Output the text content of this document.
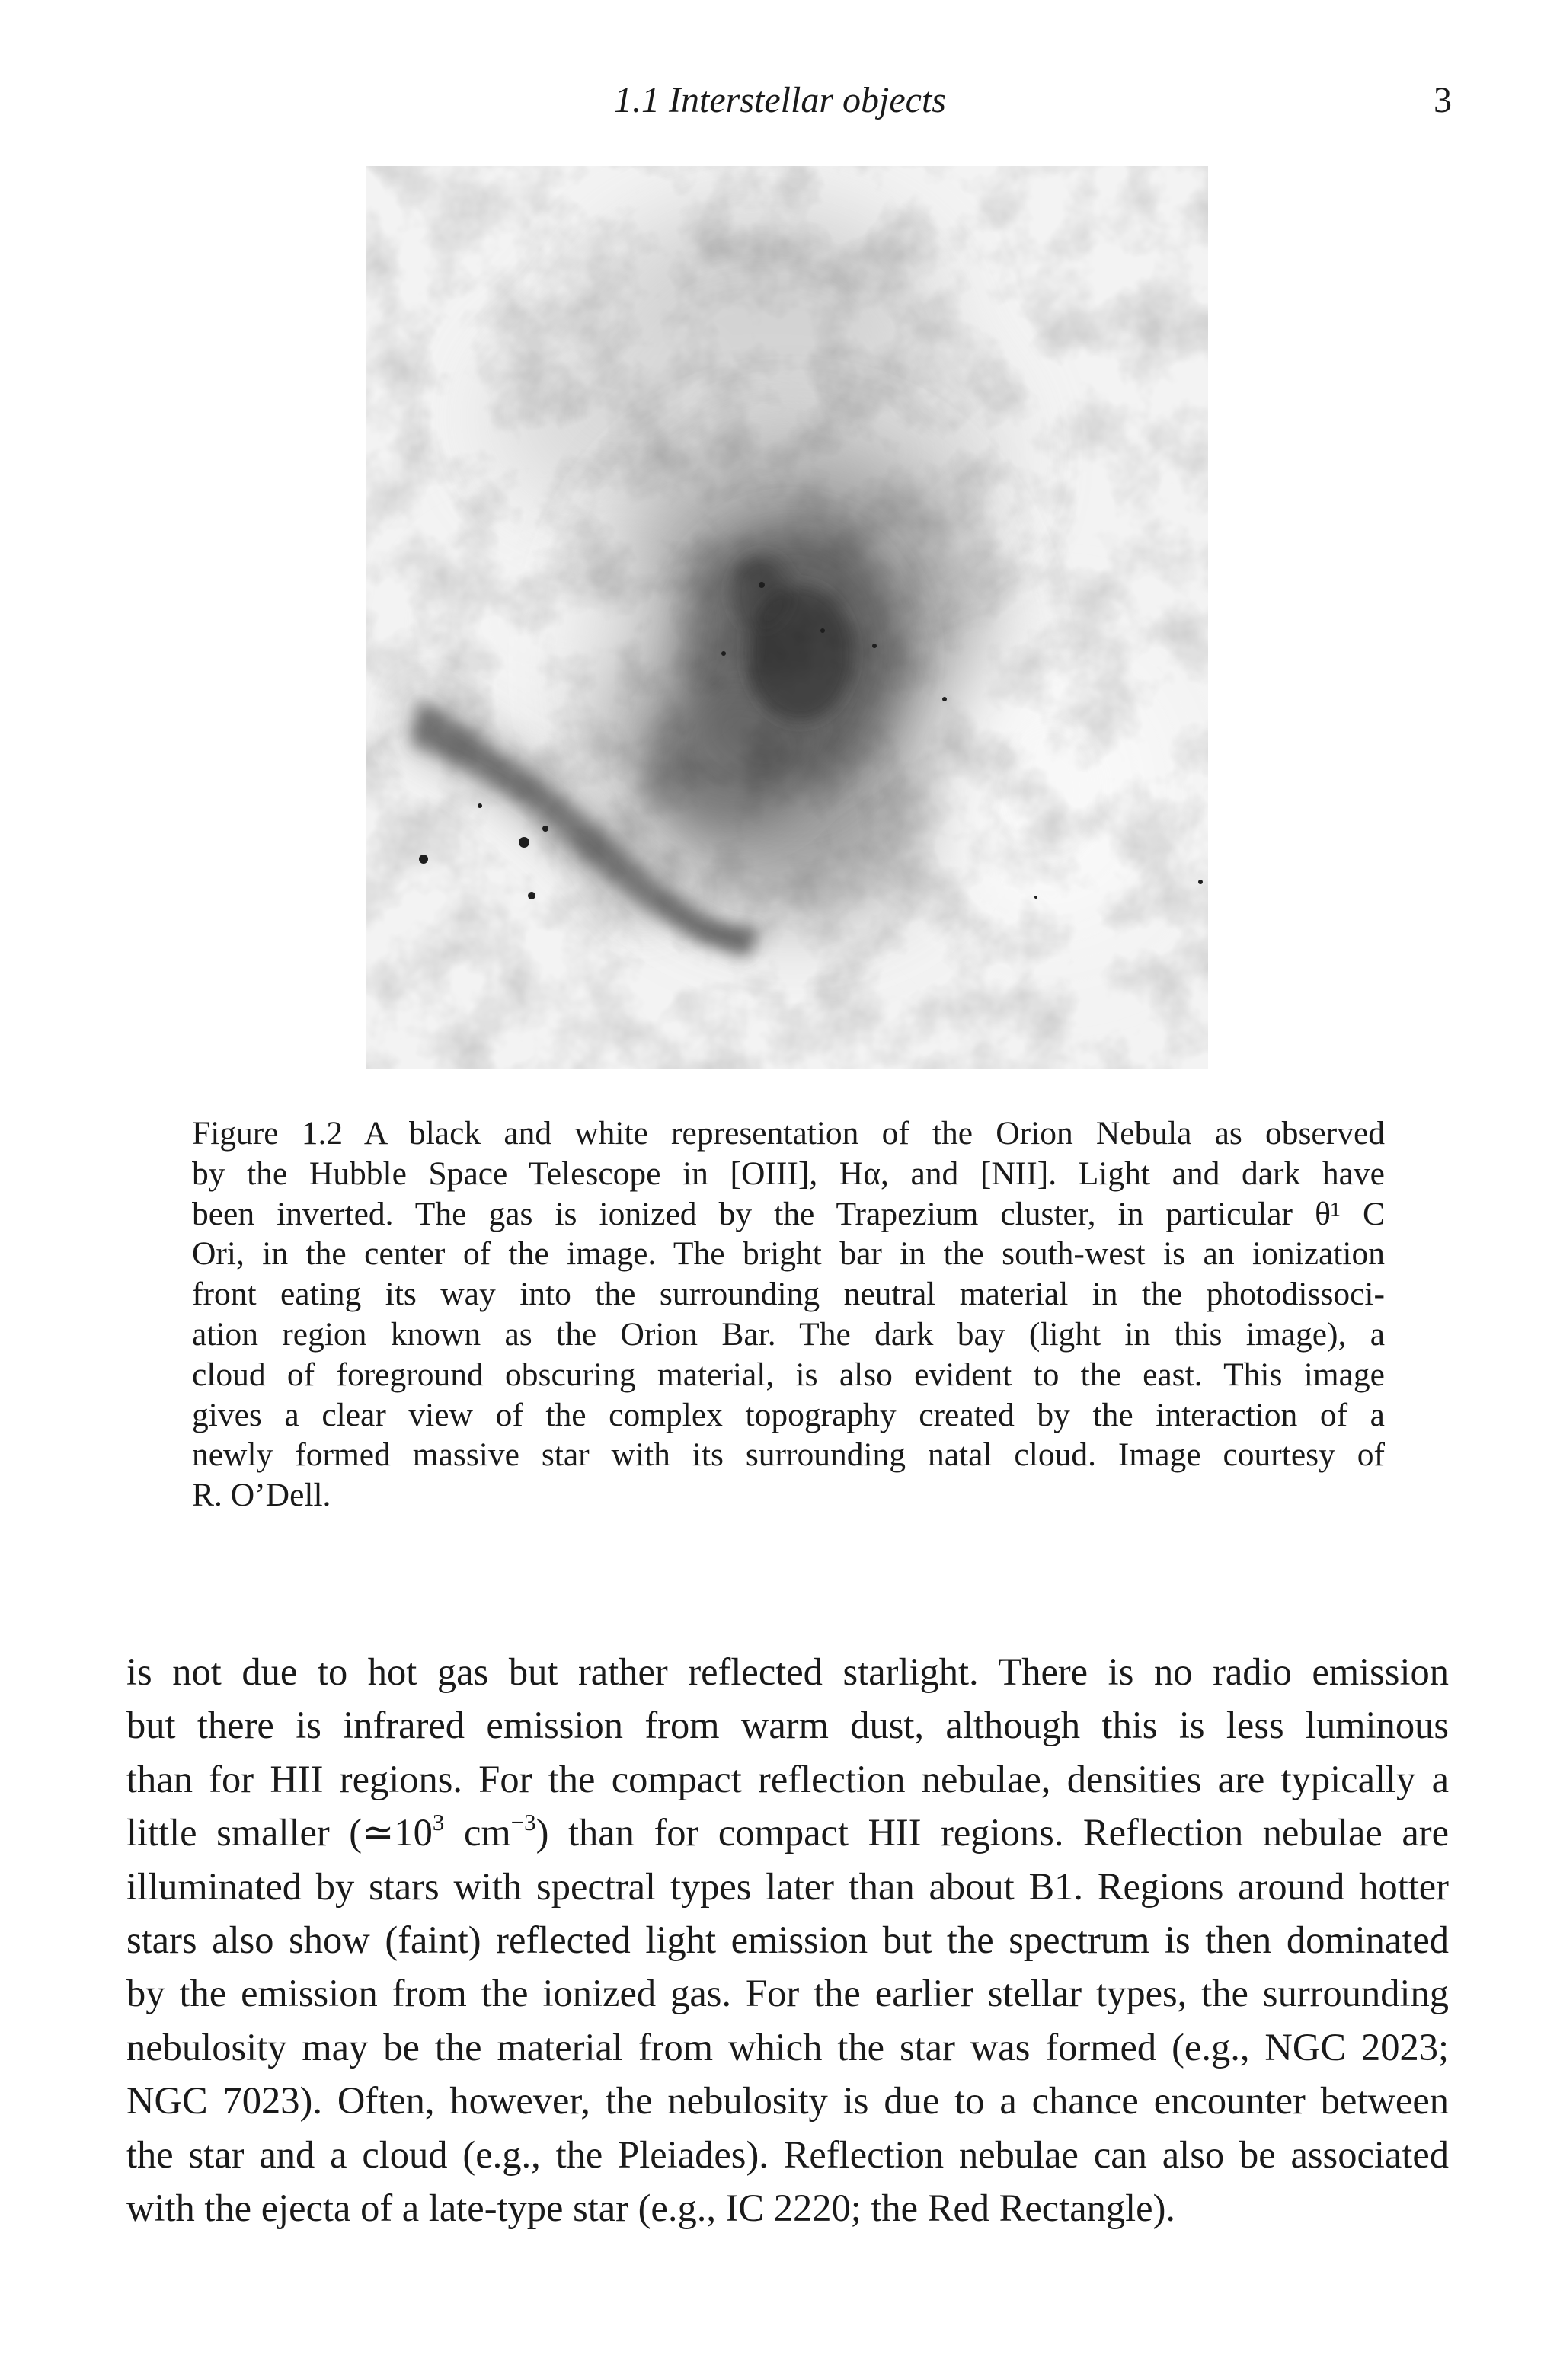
1.1 Interstellar objects	3

Figure 1.2 A black and white representation of the Orion Nebula as observed

by the Hubble Space Telescope in [OIII], Hα, and [NII]. Light and dark have

been inverted. The gas is ionized by the Trapezium cluster, in particular θ¹ C

Ori, in the center of the image. The bright bar in the south-west is an ionization

front eating its way into the surrounding neutral material in the photodissoci-

ation region known as the Orion Bar. The dark bay (light in this image), a

cloud of foreground obscuring material, is also evident to the east. This image

gives a clear view of the complex topography created by the interaction of a

newly formed massive star with its surrounding natal cloud. Image courtesy of

R. O’Dell.

is not due to hot gas but rather reflected starlight. There is no radio emission

but there is infrared emission from warm dust, although this is less luminous

than for HII regions. For the compact reflection nebulae, densities are typically a

little smaller ($≃10^3$ $cm^{-3}$) than for compact HII regions. Reflection nebulae are

illuminated by stars with spectral types later than about B1. Regions around hotter

stars also show (faint) reflected light emission but the spectrum is then dominated

by the emission from the ionized gas. For the earlier stellar types, the surrounding

nebulosity may be the material from which the star was formed (e.g., NGC 2023;

NGC 7023). Often, however, the nebulosity is due to a chance encounter between

the star and a cloud (e.g., the Pleiades). Reflection nebulae can also be associated

with the ejecta of a late-type star (e.g., IC 2220; the Red Rectangle).
